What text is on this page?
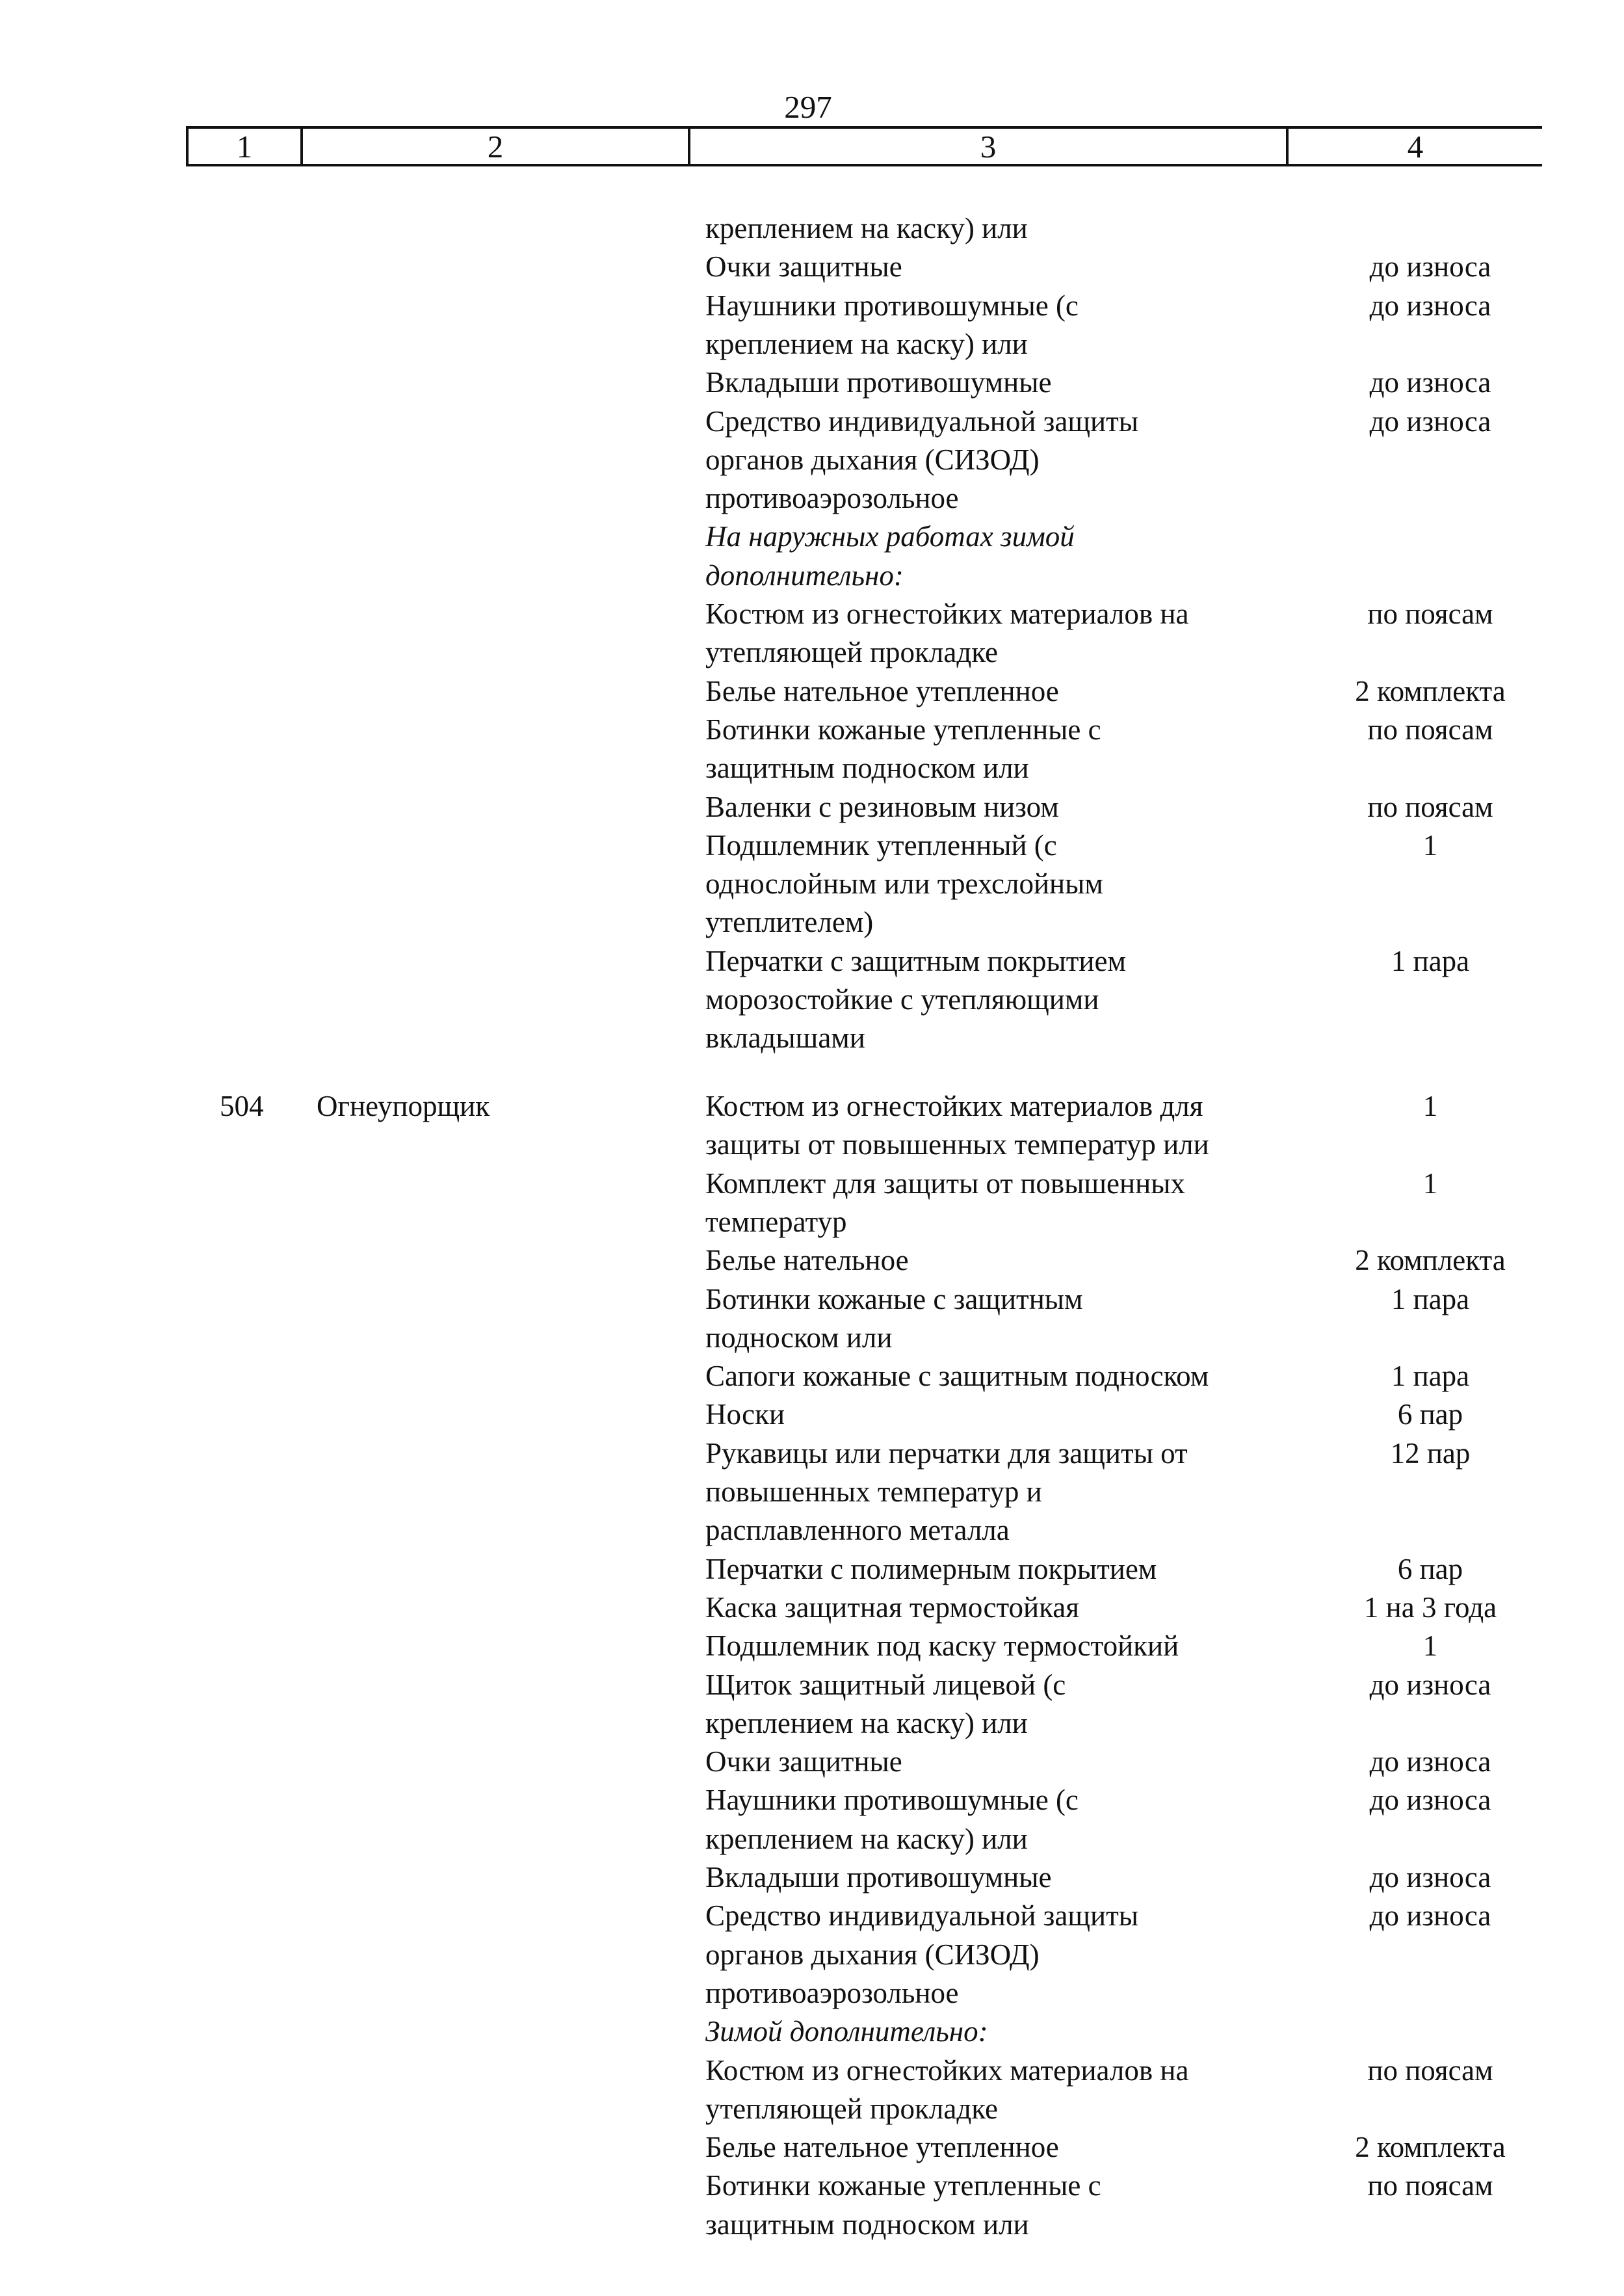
297
1	2	3	4
креплением на каску) или
Очки защитные	до износа
Наушники противошумные (с	до износа
креплением на каску) или
Вкладыши противошумные	до износа
Средство индивидуальной защиты	до износа
органов дыхания (СИЗОД)
противоаэрозольное
На наружных работах зимой
дополнительно:
Костюм из огнестойких материалов на	по поясам
утепляющей прокладке
Белье нательное утепленное	2 комплекта
Ботинки кожаные утепленные с	по поясам
защитным подноском или
Валенки с резиновым низом	по поясам
Подшлемник утепленный (с	1
однослойным или трехслойным
утеплителем)
Перчатки с защитным покрытием	1 пара
морозостойкие с утепляющими
вкладышами
504 Огнеупорщик	Костюм из огнестойких материалов для	1
защиты от повышенных температур или
Комплект для защиты от повышенных	1
температур
Белье нательное	2 комплекта
Ботинки кожаные с защитным	1 пара
подноском или
Сапоги кожаные с защитным подноском	1 пара
Носки	6 пар
Рукавицы или перчатки для защиты от	12 пар
повышенных температур и
расплавленного металла
Перчатки с полимерным покрытием	6 пар
Каска защитная термостойкая	1 на 3 года
Подшлемник под каску термостойкий	1
Щиток защитный лицевой (с	до износа
креплением на каску) или
Очки защитные	до износа
Наушники противошумные (с	до износа
креплением на каску) или
Вкладыши противошумные	до износа
Средство индивидуальной защиты	до износа
органов дыхания (СИЗОД)
противоаэрозольное
Зимой дополнительно:
Костюм из огнестойких материалов на	по поясам
утепляющей прокладке
Белье нательное утепленное	2 комплекта
Ботинки кожаные утепленные с	по поясам
защитным подноском или
